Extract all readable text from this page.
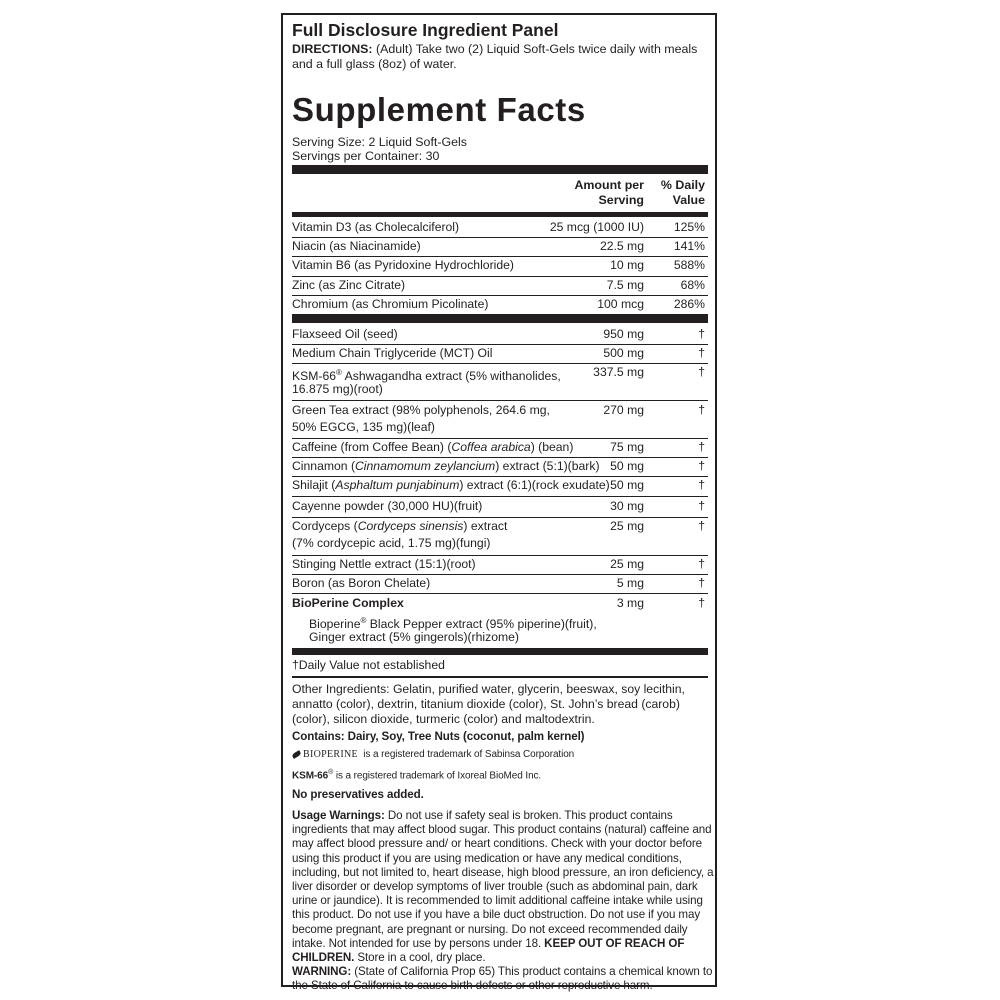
Full Disclosure Ingredient Panel
DIRECTIONS: (Adult) Take two (2) Liquid Soft-Gels twice daily with meals and a full glass (8oz) of water.
Supplement Facts
Serving Size: 2 Liquid Soft-Gels
Servings per Container: 30
Amount per
Serving
% Daily
Value
Vitamin D3 (as Cholecalciferol)	25 mcg (1000 IU) 125%
Niacin (as Niacinamide)	22.5 mg 141%
Vitamin B6 (as Pyridoxine Hydrochloride)	10 mg 588%
Zinc (as Zinc Citrate)	7.5 mg	68%
Chromium (as Chromium Picolinate)	100 mcg 286%
Flaxseed Oil (seed)	950 mg	†
Medium Chain Triglyceride (MCT) Oil	500 mg	†
KSM-66® Ashwagandha extract (5% withanolides,	337.5 mg	†
16.875 mg)(root)
Green Tea extract (98% polyphenols, 264.6 mg,	270 mg	†
50% EGCG, 135 mg)(leaf)
Caffeine (from Coffee Bean) (Coffea arabica) (bean)	75 mg	†
Cinnamon (Cinnamomum zeylancium) extract (5:1)(bark) 50 mg	†
Shilajit (Asphaltum punjabinum) extract (6:1)(rock exudate) 50 mg	†
Cayenne powder (30,000 HU)(fruit)	30 mg	†
Cordyceps (Cordyceps sinensis) extract	25 mg	†
(7% cordycepic acid, 1.75 mg)(fungi)
Stinging Nettle extract (15:1)(root)	25 mg	†
Boron (as Boron Chelate)	5 mg	†
BioPerine Complex	3 mg	†
Bioperine® Black Pepper extract (95% piperine)(fruit),
Ginger extract (5% gingerols)(rhizome)
†Daily Value not established
Other Ingredients: Gelatin, purified water, glycerin, beeswax, soy lecithin, annatto (color), dextrin, titanium dioxide (color), St. John’s bread (carob) (color), silicon dioxide, turmeric (color) and maltodextrin.
Contains: Dairy, Soy, Tree Nuts (coconut, palm kernel)
BIOPERINE is a registered trademark of Sabinsa Corporation
KSM-66® is a registered trademark of Ixoreal BioMed Inc.
No preservatives added.
Usage Warnings: Do not use if safety seal is broken. This product contains ingredients that may affect blood sugar. This product contains (natural) caffeine and may affect blood pressure and/ or heart conditions. Check with your doctor before using this product if you are using medication or have any medical conditions, including, but not limited to, heart disease, high blood pressure, an iron deficiency, a liver disorder or develop symptoms of liver trouble (such as abdominal pain, dark urine or jaundice). It is recommended to limit additional caffeine intake while using this product. Do not use if you have a bile duct obstruction. Do not use if you may become pregnant, are pregnant or nursing. Do not exceed recommended daily intake. Not intended for use by persons under 18. KEEP OUT OF REACH OF CHILDREN. Store in a cool, dry place.
WARNING: (State of California Prop 65) This product contains a chemical known to the State of California to cause birth defects or other reproductive harm.
